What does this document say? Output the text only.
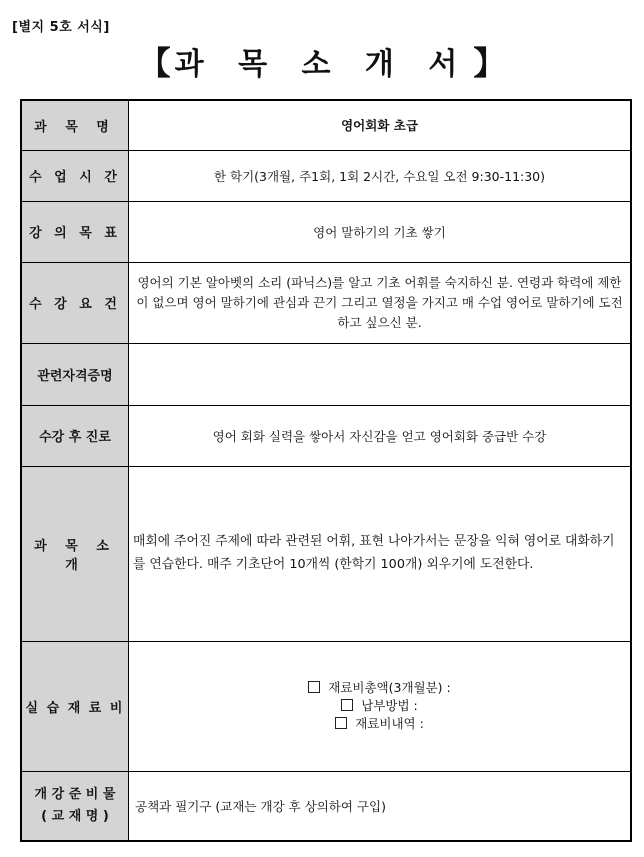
[별지 5호 서식]
【 과 목 소 개 서 】
과 목 명	영어회화 초급
수 업 시 간	한 학기(3개월, 주1회, 1회 2시간, 수요일 오전 9:30-11:30)
강 의 목 표	영어 말하기의 기초 쌓기
수 강 요 건	영어의 기본 알아벳의 소리 (파닉스)를 알고 기초 어휘를 숙지하신 분. 연령과 학력에 제한이 없으며 영어 말하기에 관심과 끈기 그리고 열정을 가지고 매 수업 영어로 말하기에 도전하고 싶으신 분.
관련자격증명	
수강 후 진로	영어 회화 실력을 쌓아서 자신감을 얻고 영어회화 중급반 수강
과 목 소 개	매회에 주어진 주제에 따라 관련된 어휘, 표현 나아가서는 문장을 익혀 영어로 대화하기를 연습한다. 매주 기초단어 10개씩 (한학기 100개) 외우기에 도전한다.
실 습 재 료 비	재료비총액(3개월분) :
납부방법 :
재료비내역 :

개 강 준 비 물
( 교 재 명 )	공책과 필기구 (교재는 개강 후 상의하여 구입)
